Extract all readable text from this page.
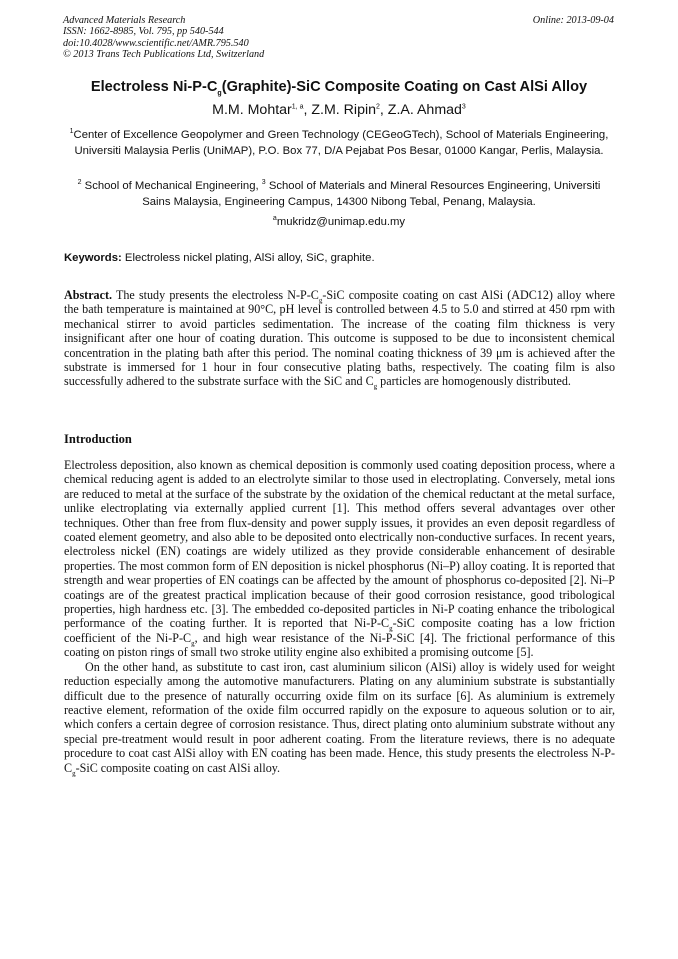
Advanced Materials Research
ISSN: 1662-8985, Vol. 795, pp 540-544
doi:10.4028/www.scientific.net/AMR.795.540
© 2013 Trans Tech Publications Ltd, Switzerland
Online: 2013-09-04
Electroless $Ni-P-C_g(Graphite)$-SiC Composite Coating on Cast AlSi Alloy
M.M. Mohtar$^{1, a}$, Z.M. Ripin$^2$, Z.A. Ahmad$^3$
$^1$Center of Excellence Geopolymer and Green Technology (CEGeoGTech), School of Materials Engineering, Universiti Malaysia Perlis (UniMAP), P.O. Box 77, D/A Pejabat Pos Besar, 01000 Kangar, Perlis, Malaysia.
$^2$ School of Mechanical Engineering, $^3$ School of Materials and Mineral Resources Engineering, Universiti Sains Malaysia, Engineering Campus, 14300 Nibong Tebal, Penang, Malaysia.
$^a$mukridz@unimap.edu.my
Keywords: Electroless nickel plating, AlSi alloy, SiC, graphite.
Abstract. The study presents the electroless $N-P-C_g$-SiC composite coating on cast AlSi (ADC12) alloy where the bath temperature is maintained at 90°C, pH level is controlled between 4.5 to 5.0 and stirred at 450 rpm with mechanical stirrer to avoid particles sedimentation. The increase of the coating film thickness is very insignificant after one hour of coating duration. This outcome is supposed to be due to inconsistent chemical concentration in the plating bath after this period. The nominal coating thickness of 39 μm is achieved after the substrate is immersed for 1 hour in four consecutive plating baths, respectively. The coating film is also successfully adhered to the substrate surface with the SiC and $C_g$ particles are homogenously distributed.
Introduction

Electroless deposition, also known as chemical deposition is commonly used coating deposition process, where a chemical reducing agent is added to an electrolyte similar to those used in electroplating. Conversely, metal ions are reduced to metal at the surface of the substrate by the oxidation of the chemical reductant at the metal surface, unlike electroplating via externally applied current [1]. This method offers several advantages over other techniques. Other than free from flux-density and power supply issues, it provides an even deposit regardless of coated element geometry, and also able to be deposited onto electrically non-conductive surfaces. In recent years, electroless nickel (EN) coatings are widely utilized as they provide considerable enhancement of desirable properties. The most common form of EN deposition is nickel phosphorus (Ni–P) alloy coating. It is reported that strength and wear properties of EN coatings can be affected by the amount of phosphorus co-deposited [2]. Ni–P coatings are of the greatest practical implication because of their good corrosion resistance, good tribological properties, high hardness etc. [3]. The embedded co-deposited particles in Ni-P coating enhance the tribological performance of the coating further. It is reported that $Ni-P-C_g$-SiC composite coating has a low friction coefficient of the $Ni-P-C_g$, and high wear resistance of the Ni-P-SiC [4]. The frictional performance of this coating on piston rings of small two stroke utility engine also exhibited a promising outcome [5].

On the other hand, as substitute to cast iron, cast aluminium silicon (AlSi) alloy is widely used for weight reduction especially among the automotive manufacturers. Plating on any aluminium substrate is substantially difficult due to the presence of naturally occurring oxide film on its surface [6]. As aluminium is extremely reactive element, reformation of the oxide film occurred rapidly on the exposure to aqueous solution or to air, which confers a certain degree of corrosion resistance. Thus, direct plating onto aluminium substrate without any special pre-treatment would result in poor adherent coating. From the literature reviews, there is no adequate procedure to coat cast AlSi alloy with EN coating has been made. Hence, this study presents the electroless $N-P-C_g$-SiC composite coating on cast AlSi alloy.
